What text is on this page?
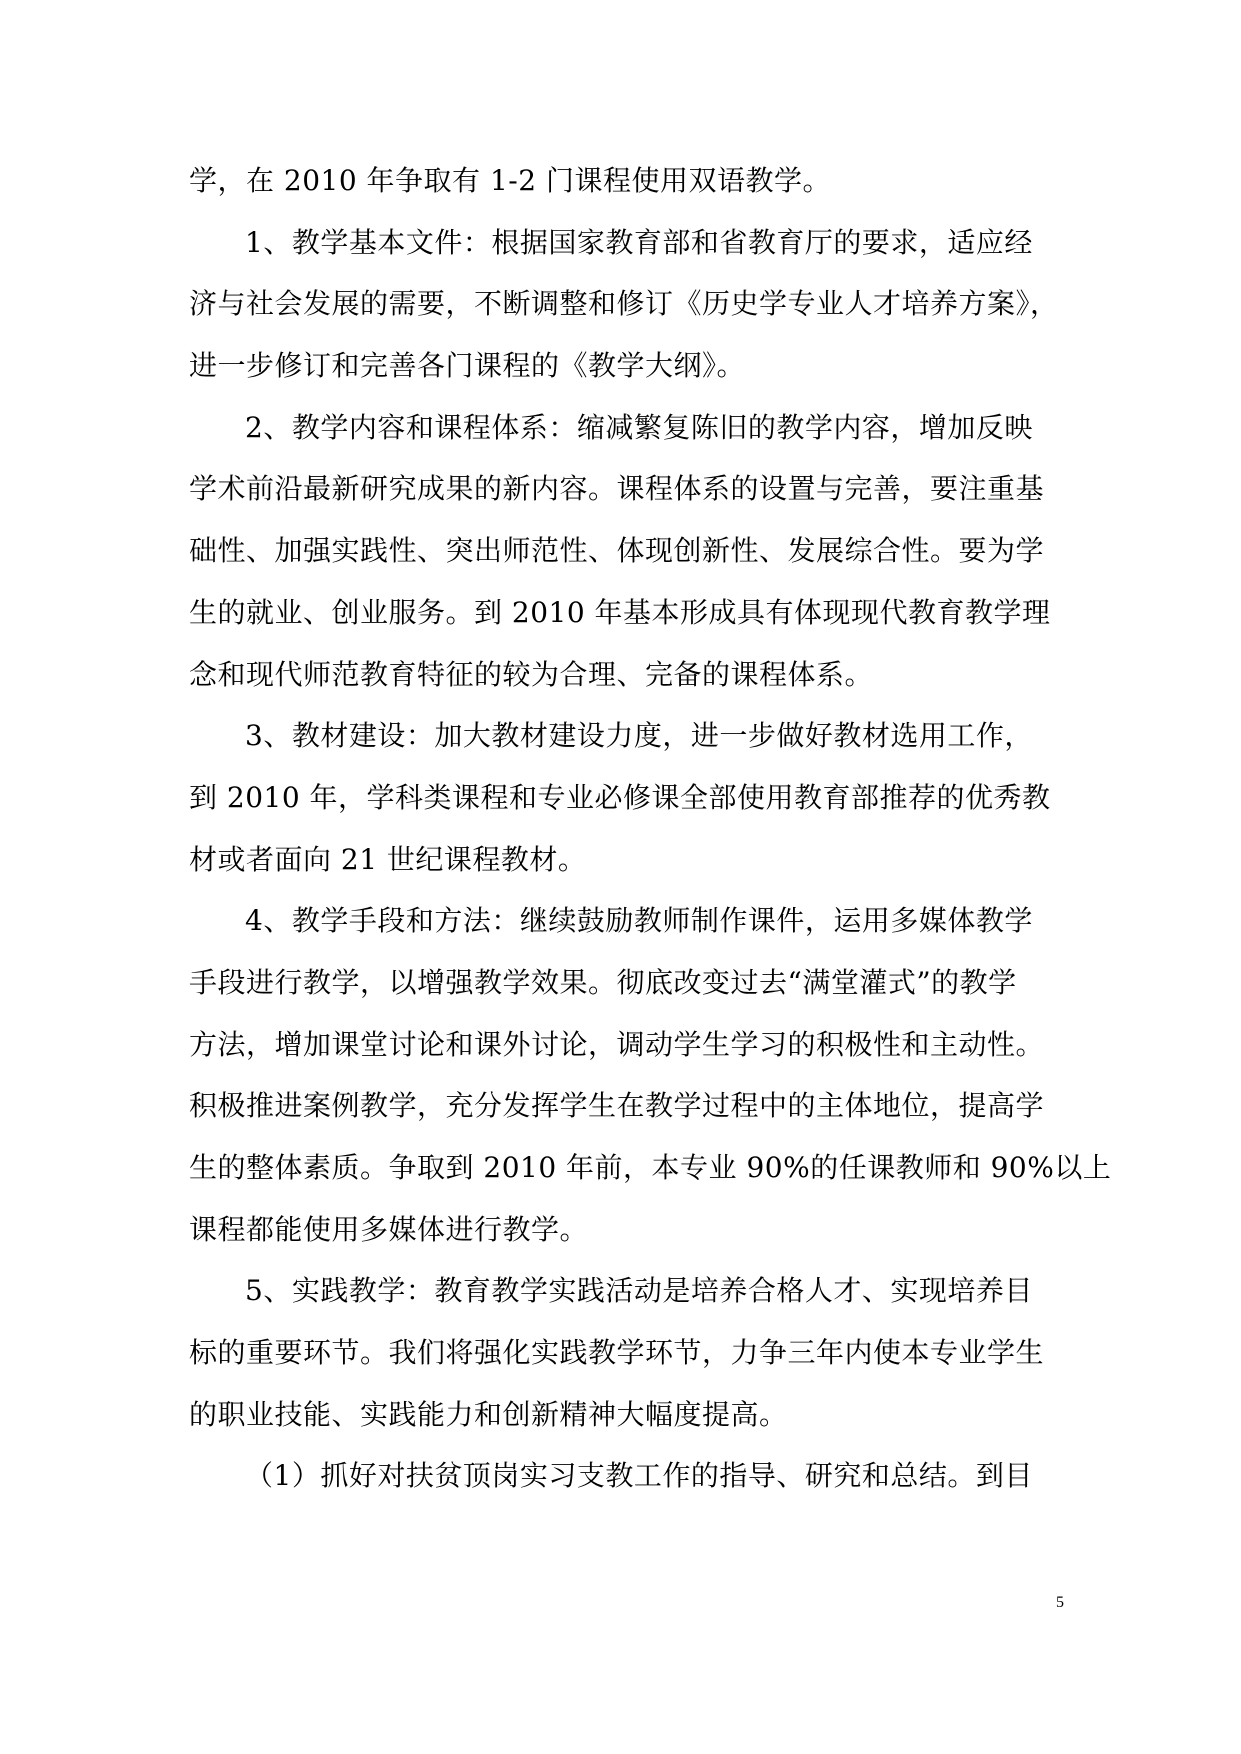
学，在 2010 年争取有 1-2 门课程使用双语教学。
1、教学基本文件：根据国家教育部和省教育厅的要求，适应经
济与社会发展的需要，不断调整和修订《历史学专业人才培养方案》，
进一步修订和完善各门课程的《教学大纲》。
2、教学内容和课程体系：缩减繁复陈旧的教学内容，增加反映
学术前沿最新研究成果的新内容。课程体系的设置与完善，要注重基
础性、加强实践性、突出师范性、体现创新性、发展综合性。要为学
生的就业、创业服务。到 2010 年基本形成具有体现现代教育教学理
念和现代师范教育特征的较为合理、完备的课程体系。
3、教材建设：加大教材建设力度，进一步做好教材选用工作，
到 2010 年，学科类课程和专业必修课全部使用教育部推荐的优秀教
材或者面向 21 世纪课程教材。
4、教学手段和方法：继续鼓励教师制作课件，运用多媒体教学
手段进行教学，以增强教学效果。彻底改变过去“满堂灌式”的教学
方法，增加课堂讨论和课外讨论，调动学生学习的积极性和主动性。
积极推进案例教学，充分发挥学生在教学过程中的主体地位，提高学
生的整体素质。争取到 2010 年前，本专业 90%的任课教师和 90%以上
课程都能使用多媒体进行教学。
5、实践教学：教育教学实践活动是培养合格人才、实现培养目
标的重要环节。我们将强化实践教学环节，力争三年内使本专业学生
的职业技能、实践能力和创新精神大幅度提高。
（1）抓好对扶贫顶岗实习支教工作的指导、研究和总结。到目
5
